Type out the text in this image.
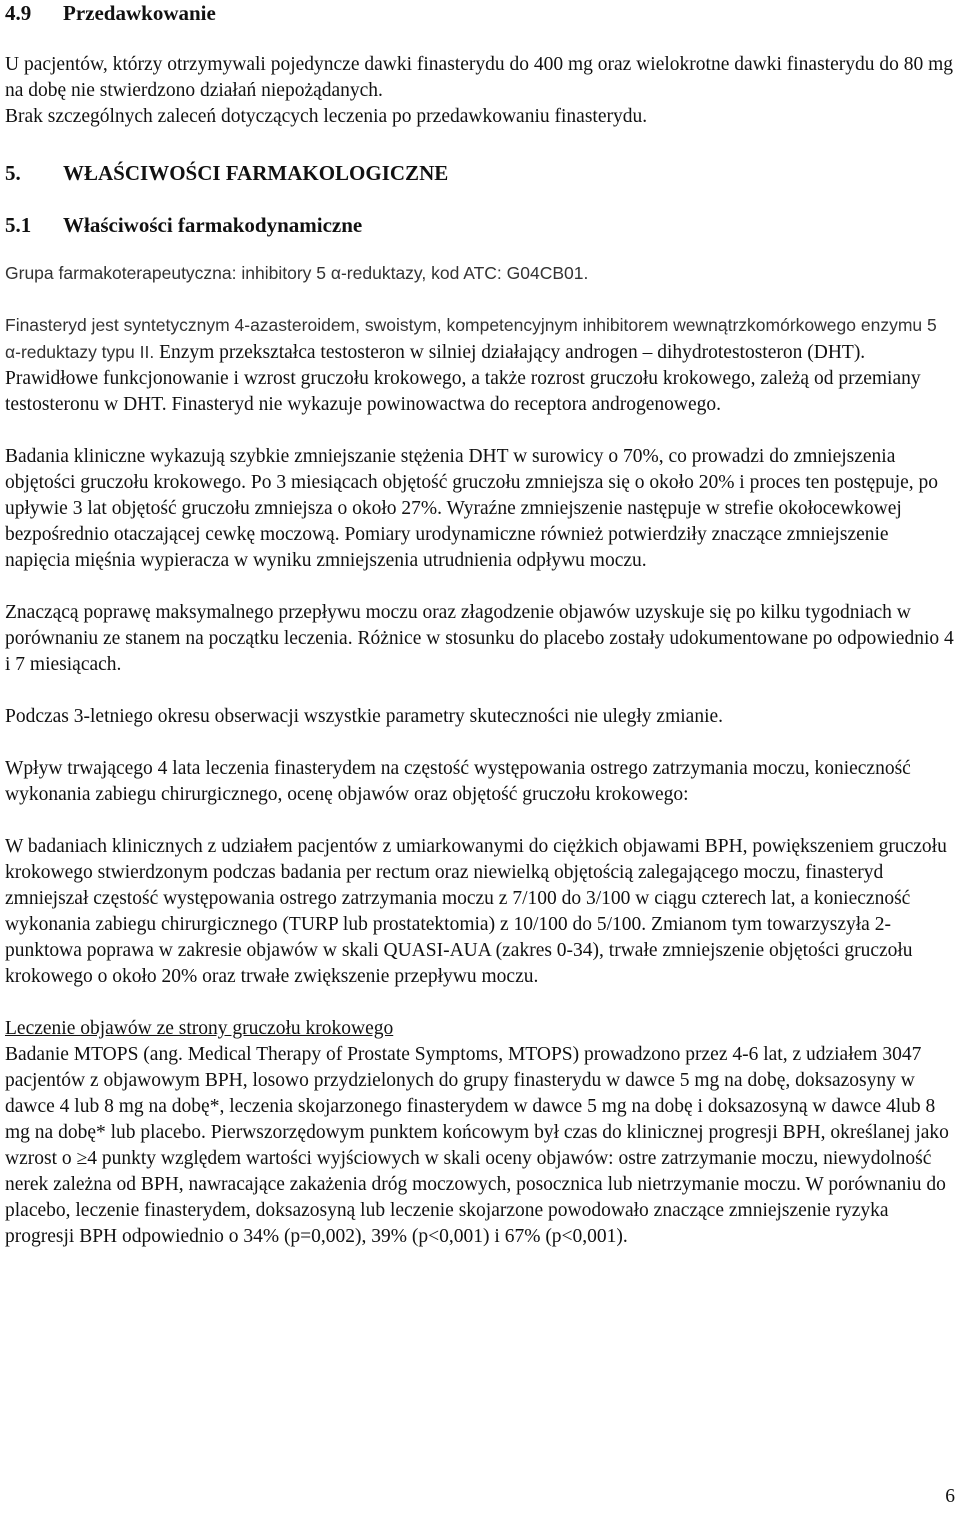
4.9 Przedawkowanie

U pacjentów, którzy otrzymywali pojedyncze dawki finasterydu do 400 mg oraz wielokrotne dawki finasterydu do 80 mg na dobę nie stwierdzono działań niepożądanych.

Brak szczególnych zaleceń dotyczących leczenia po przedawkowaniu finasterydu.

5. WŁAŚCIWOŚCI FARMAKOLOGICZNE
5.1 Właściwości farmakodynamiczne

Grupa farmakoterapeutyczna: inhibitory 5 α-reduktazy, kod ATC: G04CB01.

Finasteryd jest syntetycznym 4-azasteroidem, swoistym, kompetencyjnym inhibitorem wewnątrzkomórkowego enzymu 5 α-reduktazy typu II. Enzym przekształca testosteron w silniej działający androgen – dihydrotestosteron (DHT). Prawidłowe funkcjonowanie i wzrost gruczołu krokowego, a także rozrost gruczołu krokowego, zależą od przemiany testosteronu w DHT. Finasteryd nie wykazuje powinowactwa do receptora androgenowego.

Badania kliniczne wykazują szybkie zmniejszanie stężenia DHT w surowicy o 70%, co prowadzi do zmniejszenia objętości gruczołu krokowego. Po 3 miesiącach objętość gruczołu zmniejsza się o około 20% i proces ten postępuje, po upływie 3 lat objętość gruczołu zmniejsza o około 27%. Wyraźne zmniejszenie następuje w strefie okołocewkowej bezpośrednio otaczającej cewkę moczową. Pomiary urodynamiczne również potwierdziły znaczące zmniejszenie napięcia mięśnia wypieracza w wyniku zmniejszenia utrudnienia odpływu moczu.

Znaczącą poprawę maksymalnego przepływu moczu oraz złagodzenie objawów uzyskuje się po kilku tygodniach w porównaniu ze stanem na początku leczenia. Różnice w stosunku do placebo zostały udokumentowane po odpowiednio 4 i 7 miesiącach.

Podczas 3-letniego okresu obserwacji wszystkie parametry skuteczności nie uległy zmianie.

Wpływ trwającego 4 lata leczenia finasterydem na częstość występowania ostrego zatrzymania moczu, konieczność wykonania zabiegu chirurgicznego, ocenę objawów oraz objętość gruczołu krokowego:

W badaniach klinicznych z udziałem pacjentów z umiarkowanymi do ciężkich objawami BPH, powiększeniem gruczołu krokowego stwierdzonym podczas badania per rectum oraz niewielką objętością zalegającego moczu, finasteryd zmniejszał częstość występowania ostrego zatrzymania moczu z 7/100 do 3/100 w ciągu czterech lat, a konieczność wykonania zabiegu chirurgicznego (TURP lub prostatektomia) z 10/100 do 5/100. Zmianom tym towarzyszyła 2-punktowa poprawa w zakresie objawów w skali QUASI-AUA (zakres 0-34), trwałe zmniejszenie objętości gruczołu krokowego o około 20% oraz trwałe zwiększenie przepływu moczu.

Leczenie objawów ze strony gruczołu krokowego

Badanie MTOPS (ang. Medical Therapy of Prostate Symptoms, MTOPS) prowadzono przez 4-6 lat, z udziałem 3047 pacjentów z objawowym BPH, losowo przydzielonych do grupy finasterydu w dawce 5 mg na dobę, doksazosyny w dawce 4 lub 8 mg na dobę*, leczenia skojarzonego finasterydem w dawce 5 mg na dobę i doksazosyną w dawce 4lub 8 mg na dobę* lub placebo. Pierwszorzędowym punktem końcowym był czas do klinicznej progresji BPH, określanej jako wzrost o ≥4 punkty względem wartości wyjściowych w skali oceny objawów: ostre zatrzymanie moczu, niewydolność nerek zależna od BPH, nawracające zakażenia dróg moczowych, posocznica lub nietrzymanie moczu. W porównaniu do placebo, leczenie finasterydem, doksazosyną lub leczenie skojarzone powodowało znaczące zmniejszenie ryzyka progresji BPH odpowiednio o 34% (p=0,002), 39% (p<0,001) i 67% (p<0,001).

6
